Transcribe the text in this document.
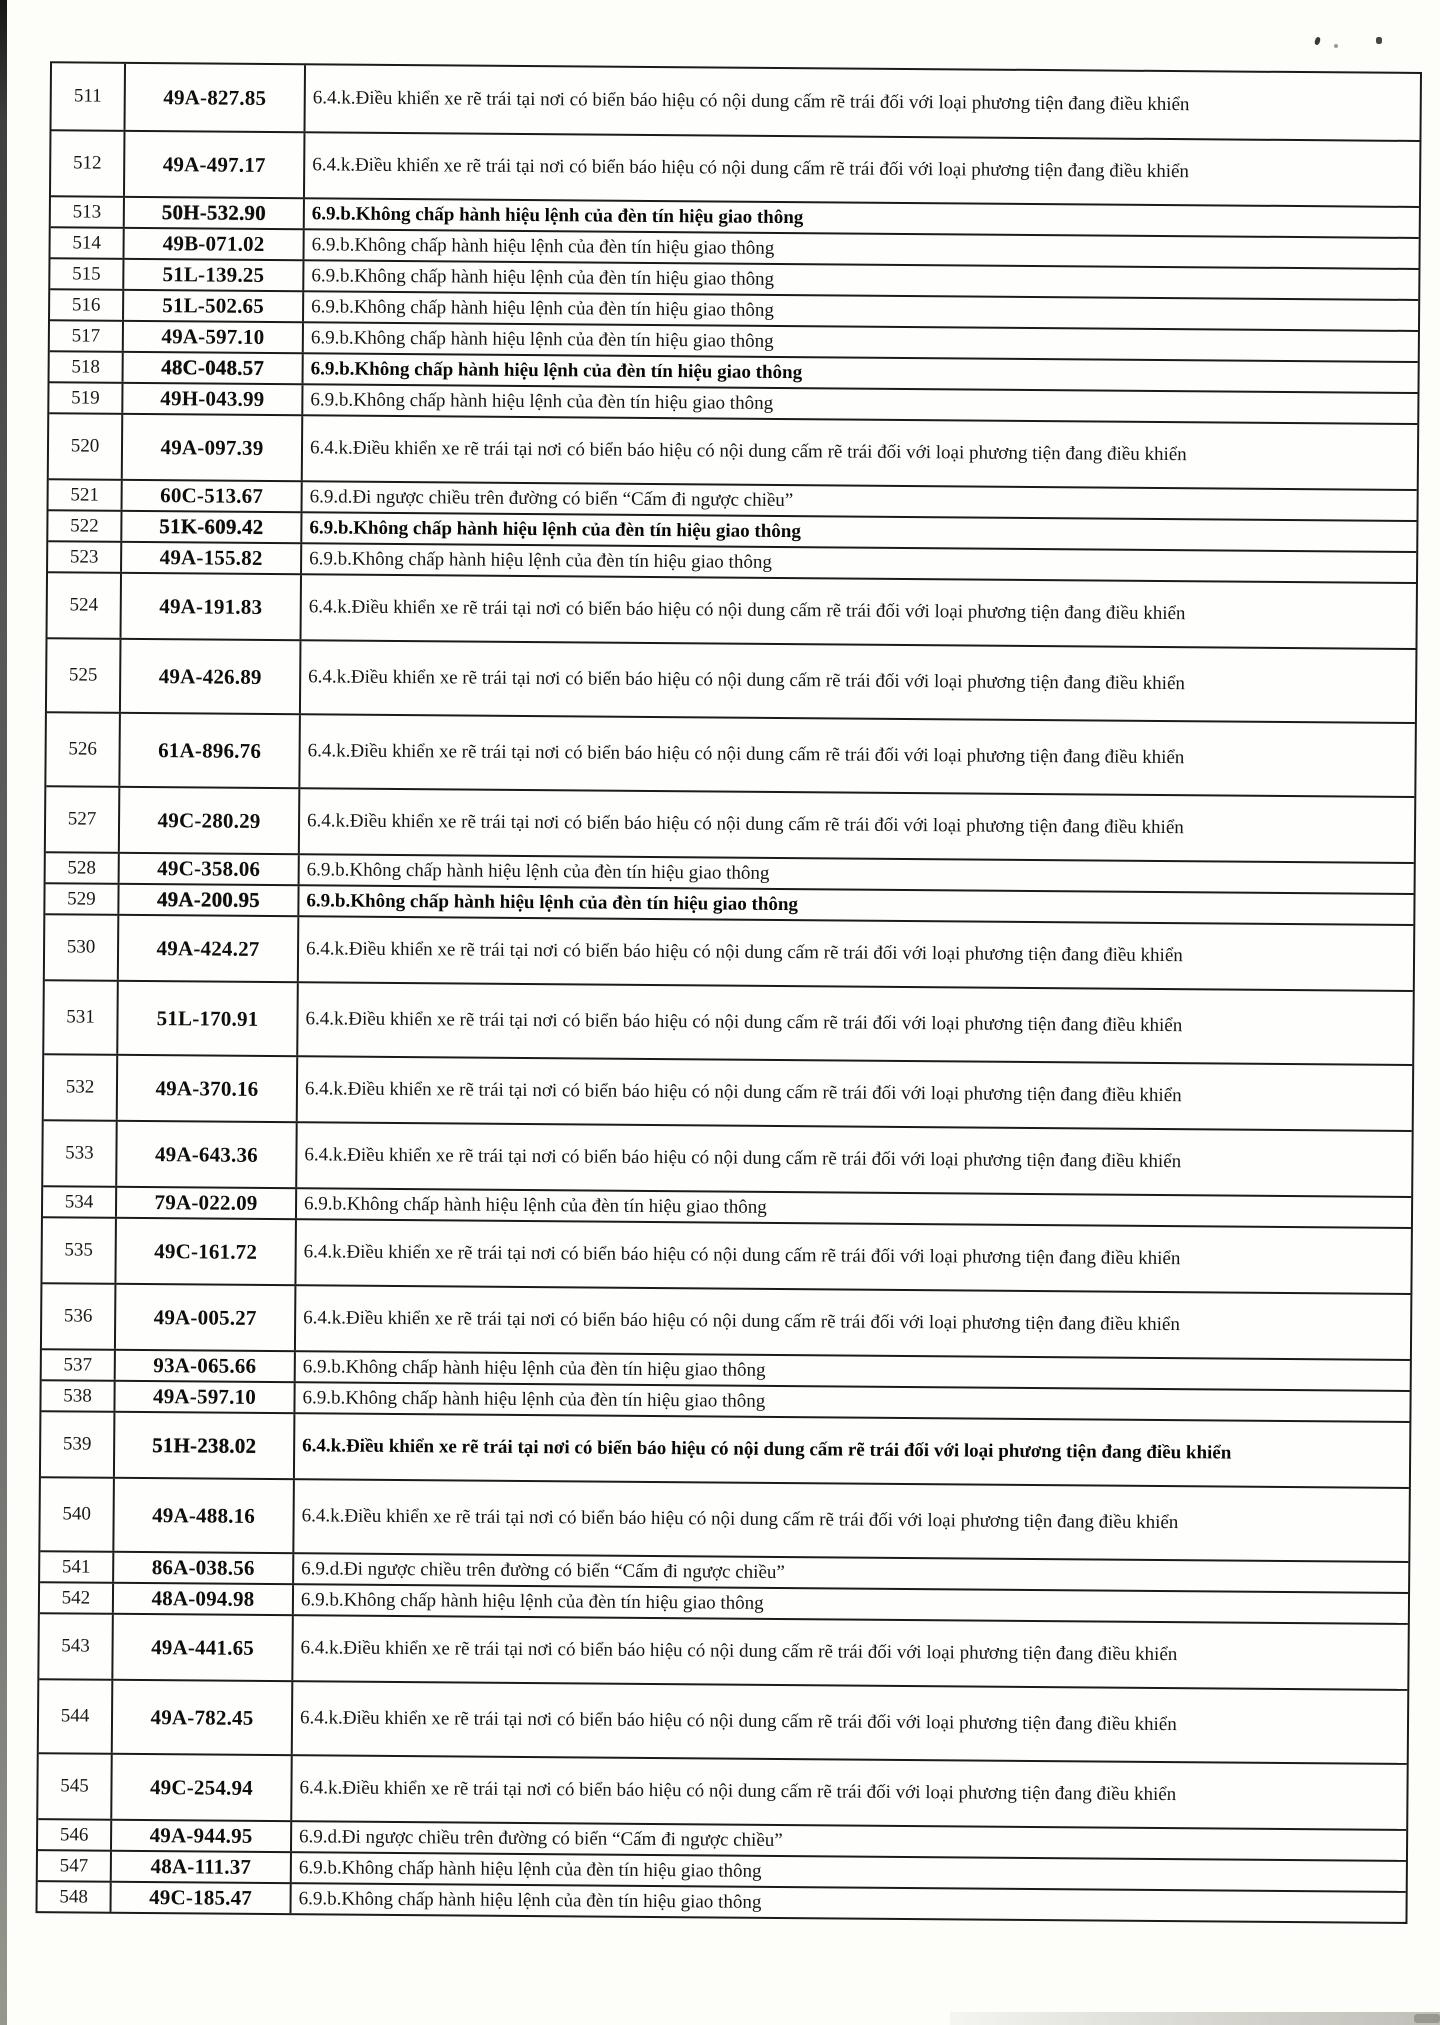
511	49A-827.85	6.4.k.Điều khiển xe rẽ trái tại nơi có biển báo hiệu có nội dung cấm rẽ trái đối với loại phương tiện đang điều khiển
512	49A-497.17	6.4.k.Điều khiển xe rẽ trái tại nơi có biển báo hiệu có nội dung cấm rẽ trái đối với loại phương tiện đang điều khiển
513	50H-532.90	6.9.b.Không chấp hành hiệu lệnh của đèn tín hiệu giao thông
514	49B-071.02	6.9.b.Không chấp hành hiệu lệnh của đèn tín hiệu giao thông
515	51L-139.25	6.9.b.Không chấp hành hiệu lệnh của đèn tín hiệu giao thông
516	51L-502.65	6.9.b.Không chấp hành hiệu lệnh của đèn tín hiệu giao thông
517	49A-597.10	6.9.b.Không chấp hành hiệu lệnh của đèn tín hiệu giao thông
518	48C-048.57	6.9.b.Không chấp hành hiệu lệnh của đèn tín hiệu giao thông
519	49H-043.99	6.9.b.Không chấp hành hiệu lệnh của đèn tín hiệu giao thông
520	49A-097.39	6.4.k.Điều khiển xe rẽ trái tại nơi có biển báo hiệu có nội dung cấm rẽ trái đối với loại phương tiện đang điều khiển
521	60C-513.67	6.9.d.Đi ngược chiều trên đường có biển “Cấm đi ngược chiều”
522	51K-609.42	6.9.b.Không chấp hành hiệu lệnh của đèn tín hiệu giao thông
523	49A-155.82	6.9.b.Không chấp hành hiệu lệnh của đèn tín hiệu giao thông
524	49A-191.83	6.4.k.Điều khiển xe rẽ trái tại nơi có biển báo hiệu có nội dung cấm rẽ trái đối với loại phương tiện đang điều khiển
525	49A-426.89	6.4.k.Điều khiển xe rẽ trái tại nơi có biển báo hiệu có nội dung cấm rẽ trái đối với loại phương tiện đang điều khiển
526	61A-896.76	6.4.k.Điều khiển xe rẽ trái tại nơi có biển báo hiệu có nội dung cấm rẽ trái đối với loại phương tiện đang điều khiển
527	49C-280.29	6.4.k.Điều khiển xe rẽ trái tại nơi có biển báo hiệu có nội dung cấm rẽ trái đối với loại phương tiện đang điều khiển
528	49C-358.06	6.9.b.Không chấp hành hiệu lệnh của đèn tín hiệu giao thông
529	49A-200.95	6.9.b.Không chấp hành hiệu lệnh của đèn tín hiệu giao thông
530	49A-424.27	6.4.k.Điều khiển xe rẽ trái tại nơi có biển báo hiệu có nội dung cấm rẽ trái đối với loại phương tiện đang điều khiển
531	51L-170.91	6.4.k.Điều khiển xe rẽ trái tại nơi có biển báo hiệu có nội dung cấm rẽ trái đối với loại phương tiện đang điều khiển
532	49A-370.16	6.4.k.Điều khiển xe rẽ trái tại nơi có biển báo hiệu có nội dung cấm rẽ trái đối với loại phương tiện đang điều khiển
533	49A-643.36	6.4.k.Điều khiển xe rẽ trái tại nơi có biển báo hiệu có nội dung cấm rẽ trái đối với loại phương tiện đang điều khiển
534	79A-022.09	6.9.b.Không chấp hành hiệu lệnh của đèn tín hiệu giao thông
535	49C-161.72	6.4.k.Điều khiển xe rẽ trái tại nơi có biển báo hiệu có nội dung cấm rẽ trái đối với loại phương tiện đang điều khiển
536	49A-005.27	6.4.k.Điều khiển xe rẽ trái tại nơi có biển báo hiệu có nội dung cấm rẽ trái đối với loại phương tiện đang điều khiển
537	93A-065.66	6.9.b.Không chấp hành hiệu lệnh của đèn tín hiệu giao thông
538	49A-597.10	6.9.b.Không chấp hành hiệu lệnh của đèn tín hiệu giao thông
539	51H-238.02	6.4.k.Điều khiển xe rẽ trái tại nơi có biển báo hiệu có nội dung cấm rẽ trái đối với loại phương tiện đang điều khiển
540	49A-488.16	6.4.k.Điều khiển xe rẽ trái tại nơi có biển báo hiệu có nội dung cấm rẽ trái đối với loại phương tiện đang điều khiển
541	86A-038.56	6.9.d.Đi ngược chiều trên đường có biển “Cấm đi ngược chiều”
542	48A-094.98	6.9.b.Không chấp hành hiệu lệnh của đèn tín hiệu giao thông
543	49A-441.65	6.4.k.Điều khiển xe rẽ trái tại nơi có biển báo hiệu có nội dung cấm rẽ trái đối với loại phương tiện đang điều khiển
544	49A-782.45	6.4.k.Điều khiển xe rẽ trái tại nơi có biển báo hiệu có nội dung cấm rẽ trái đối với loại phương tiện đang điều khiển
545	49C-254.94	6.4.k.Điều khiển xe rẽ trái tại nơi có biển báo hiệu có nội dung cấm rẽ trái đối với loại phương tiện đang điều khiển
546	49A-944.95	6.9.d.Đi ngược chiều trên đường có biển “Cấm đi ngược chiều”
547	48A-111.37	6.9.b.Không chấp hành hiệu lệnh của đèn tín hiệu giao thông
548	49C-185.47	6.9.b.Không chấp hành hiệu lệnh của đèn tín hiệu giao thông
